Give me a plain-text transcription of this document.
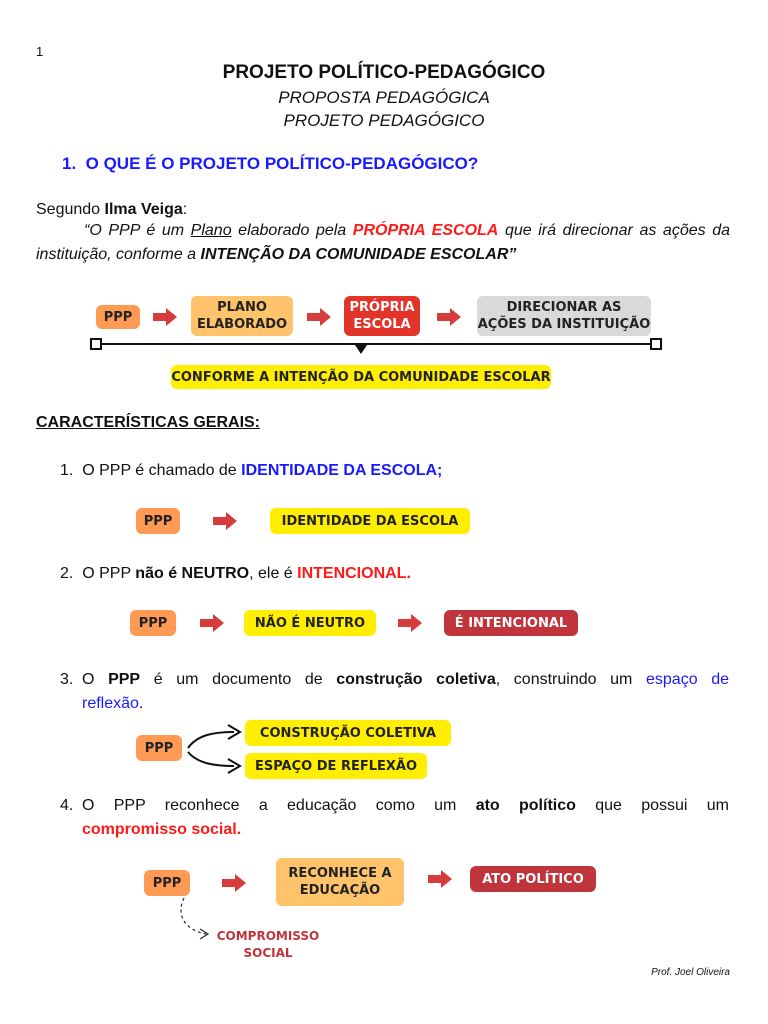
1
PROJETO POLÍTICO-PEDAGÓGICO
PROPOSTA PEDAGÓGICA
PROJETO PEDAGÓGICO
1. O QUE É O PROJETO POLÍTICO-PEDAGÓGICO?
Segundo Ilma Veiga:
“O PPP é um Plano elaborado pela PRÓPRIA ESCOLA que irá direcionar as ações da instituição, conforme a INTENÇÃO DA COMUNIDADE ESCOLAR”
PPP
PLANO
ELABORADO
PRÓPRIA
ESCOLA
DIRECIONAR AS
AÇÕES DA INSTITUIÇÃO
CONFORME A INTENÇÃO DA COMUNIDADE ESCOLAR
CARACTERÍSTICAS GERAIS:
1. O PPP é chamado de IDENTIDADE DA ESCOLA;
PPP	IDENTIDADE DA ESCOLA
2. O PPP não é NEUTRO, ele é INTENCIONAL.
PPP	NÃO É NEUTRO	É INTENCIONAL
3. O PPP é um documento de construção coletiva, construindo um espaço de
reflexão.
PPP
CONSTRUÇÃO COLETIVA
ESPAÇO DE REFLEXÃO
4. O PPP reconhece a educação como um ato político que possui um
compromisso social.
PPP
RECONHECE A
EDUCAÇÃO
ATO POLÍTICO
COMPROMISSO
SOCIAL
Prof. Joel Oliveira
